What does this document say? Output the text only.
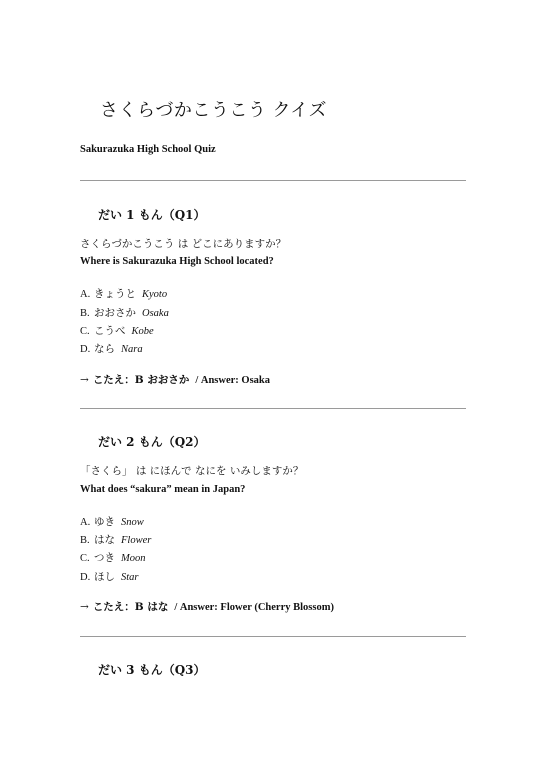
さくらづかこうこう クイズ
Sakurazuka High School Quiz
だい 1 もん（Q1）
さくらづかこうこう は どこにありますか？
Where is Sakurazuka High School located?
A. きょうと Kyoto
B. おおさか Osaka
C. こうべ Kobe
D. なら Nara
→ こたえ：B おおさか / Answer: Osaka
だい 2 もん（Q2）
「さくら」 は にほんで なにを いみしますか？
What does “sakura” mean in Japan?
A. ゆき Snow
B. はな Flower
C. つき Moon
D. ほし Star
→ こたえ：B はな / Answer: Flower (Cherry Blossom)
だい 3 もん（Q3）
